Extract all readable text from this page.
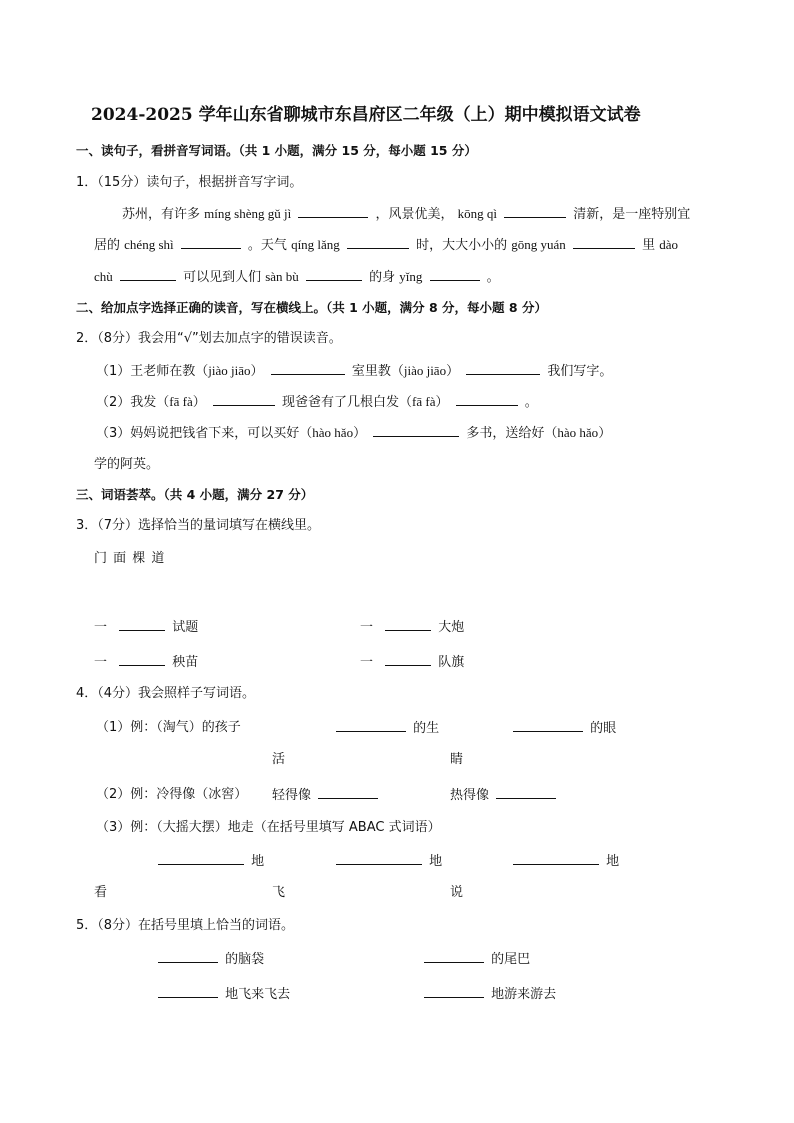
2024-2025 学年山东省聊城市东昌府区二年级（上）期中模拟语文试卷
一、读句子，看拼音写词语。（共 1 小题，满分 15 分，每小题 15 分）
1．（15分）读句子，根据拼音写字词。
苏州，有许多 míng shèng gǔ jì	，风景优美， kōng qì	清新，是一座特别宜
居的 chéng shì	。天气 qíng lǎng	时，大大小小的 gōng yuán	里 dào
chù	可以见到人们 sàn bù	的身 yǐng	。
二、给加点字选择正确的读音，写在横线上。（共 1 小题，满分 8 分，每小题 8 分）
2．（8分）我会用“√”划去加点字的错误读音。
（1）王老师在教（jiào jiāo）	室里教（jiào jiāo）	我们写字。
（2）我发（fā fà）	现爸爸有了几根白发（fā fà）	。
（3）妈妈说把钱省下来，可以买好（hào hǎo）	多书，送给好（hào hǎo）
学的阿英。
三、词语荟萃。（共 4 小题，满分 27 分）
3．（7分）选择恰当的量词填写在横线里。
门 面 棵 道
一	试题	一	大炮
一	秧苗	一	队旗
4．（4分）我会照样子写词语。
（1）例：（淘气）的孩子	的生	的眼
活	睛
（2）例：冷得像（冰窖） 轻得像	热得像
（3）例：（大摇大摆）地走（在括号里填写 ABAC 式词语）
地	地	地
看	飞	说
5．（8分）在括号里填上恰当的词语。
的脑袋	的尾巴
地飞来飞去	地游来游去
